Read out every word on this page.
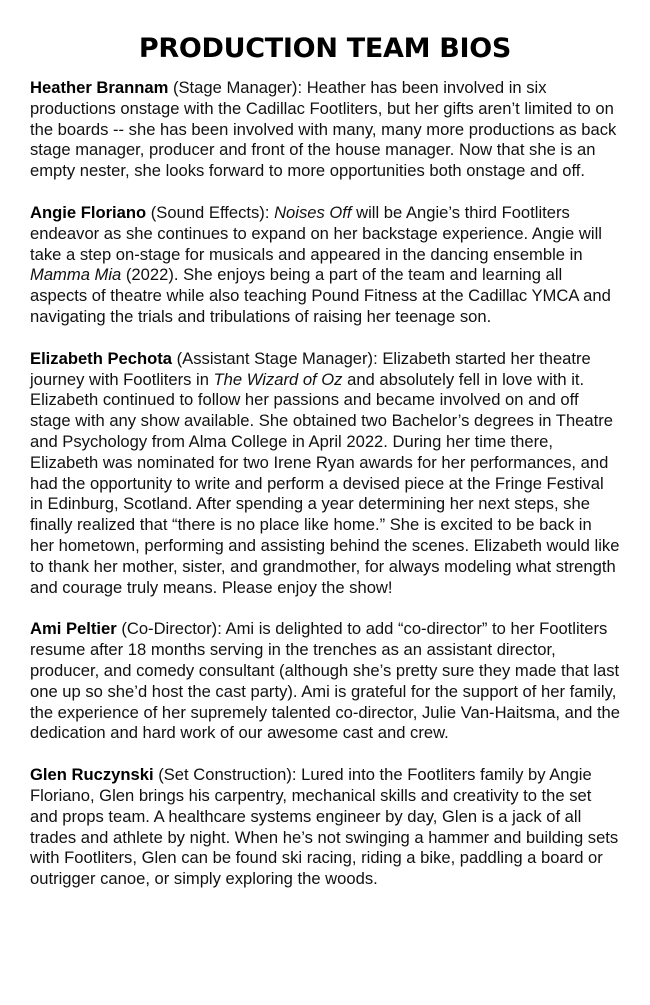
PRODUCTION TEAM BIOS

Heather Brannam (Stage Manager): Heather has been involved in six productions onstage with the Cadillac Footliters, but her gifts aren’t limited to on the boards -- she has been involved with many, many more productions as back stage manager, producer and front of the house manager. Now that she is an empty nester, she looks forward to more opportunities both onstage and off.

Angie Floriano (Sound Effects): Noises Off will be Angie’s third Footliters endeavor as she continues to expand on her backstage experience. Angie will take a step on-stage for musicals and appeared in the dancing ensemble in Mamma Mia (2022). She enjoys being a part of the team and learning all aspects of theatre while also teaching Pound Fitness at the Cadillac YMCA and navigating the trials and tribulations of raising her teenage son.

Elizabeth Pechota (Assistant Stage Manager): Elizabeth started her theatre journey with Footliters in The Wizard of Oz and absolutely fell in love with it. Elizabeth continued to follow her passions and became involved on and off stage with any show available. She obtained two Bachelor’s degrees in Theatre and Psychology from Alma College in April 2022. During her time there, Elizabeth was nominated for two Irene Ryan awards for her performances, and had the opportunity to write and perform a devised piece at the Fringe Festival in Edinburg, Scotland. After spending a year determining her next steps, she finally realized that “there is no place like home.” She is excited to be back in her hometown, performing and assisting behind the scenes. Elizabeth would like to thank her mother, sister, and grandmother, for always modeling what strength and courage truly means. Please enjoy the show!

Ami Peltier (Co-Director): Ami is delighted to add “co-director” to her Footliters resume after 18 months serving in the trenches as an assistant director, producer, and comedy consultant (although she’s pretty sure they made that last one up so she’d host the cast party). Ami is grateful for the support of her family, the experience of her supremely talented co-director, Julie Van-Haitsma, and the dedication and hard work of our awesome cast and crew.

Glen Ruczynski (Set Construction): Lured into the Footliters family by Angie Floriano, Glen brings his carpentry, mechanical skills and creativity to the set and props team. A healthcare systems engineer by day, Glen is a jack of all trades and athlete by night. When he’s not swinging a hammer and building sets with Footliters, Glen can be found ski racing, riding a bike, paddling a board or outrigger canoe, or simply exploring the woods.
